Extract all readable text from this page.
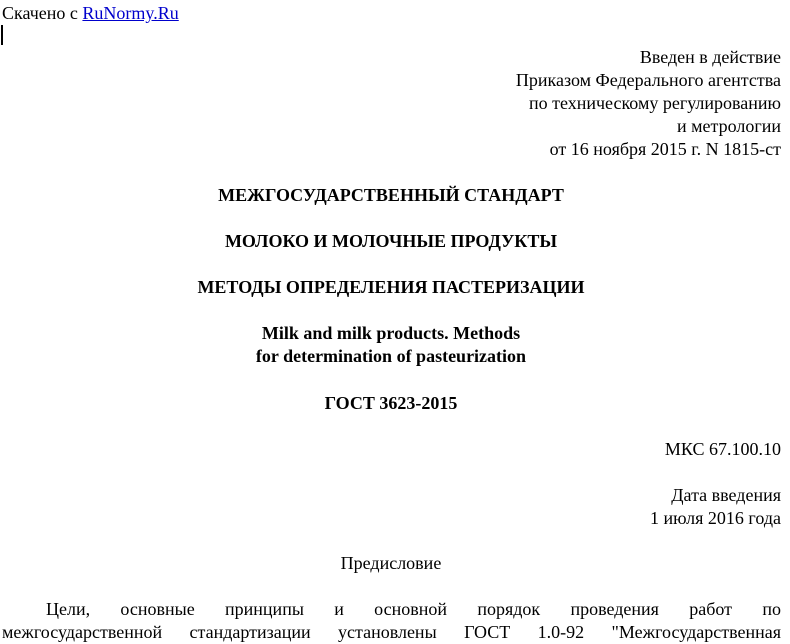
Скачено с RuNormy.Ru
Введен в действие
Приказом Федерального агентства
по техническому регулированию
и метрологии
от 16 ноября 2015 г. N 1815-ст
МЕЖГОСУДАРСТВЕННЫЙ СТАНДАРТ
МОЛОКО И МОЛОЧНЫЕ ПРОДУКТЫ
МЕТОДЫ ОПРЕДЕЛЕНИЯ ПАСТЕРИЗАЦИИ
Milk and milk products. Methods
for determination of pasteurization
ГОСТ 3623-2015
МКС 67.100.10
Дата введения
1 июля 2016 года
Предисловие
Цели, основные принципы и основной порядок проведения работ по
межгосударственной стандартизации установлены ГОСТ 1.0-92 "Межгосударственная
